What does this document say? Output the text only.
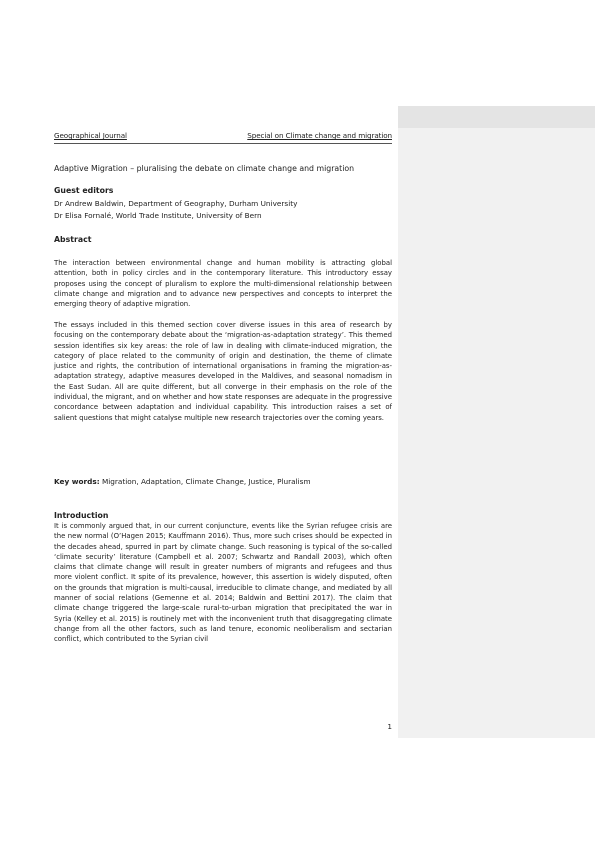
Geographical Journal	Special on Climate change and migration
Adaptive Migration – pluralising the debate on climate change and migration
Guest editors
Dr Andrew Baldwin, Department of Geography, Durham University
Dr Elisa Fornalé, World Trade Institute, University of Bern
Abstract

The interaction between environmental change and human mobility is attracting global attention, both in policy circles and in the contemporary literature. This introductory essay proposes using the concept of pluralism to explore the multi-dimensional relationship between climate change and migration and to advance new perspectives and concepts to interpret the emerging theory of adaptive migration.

The essays included in this themed section cover diverse issues in this area of research by focusing on the contemporary debate about the ‘migration-as-adaptation strategy’. This themed session identifies six key areas: the role of law in dealing with climate-induced migration, the category of place related to the community of origin and destination, the theme of climate justice and rights, the contribution of international organisations in framing the migration-as-adaptation strategy, adaptive measures developed in the Maldives, and seasonal nomadism in the East Sudan. All are quite different, but all converge in their emphasis on the role of the individual, the migrant, and on whether and how state responses are adequate in the progressive concordance between adaptation and individual capability. This introduction raises a set of salient questions that might catalyse multiple new research trajectories over the coming years.

Key words: Migration, Adaptation, Climate Change, Justice, Pluralism
Introduction

It is commonly argued that, in our current conjuncture, events like the Syrian refugee crisis are the new normal (O’Hagen 2015; Kauffmann 2016). Thus, more such crises should be expected in the decades ahead, spurred in part by climate change. Such reasoning is typical of the so-called ‘climate security’ literature (Campbell et al. 2007; Schwartz and Randall 2003), which often claims that climate change will result in greater numbers of migrants and refugees and thus more violent conflict. It spite of its prevalence, however, this assertion is widely disputed, often on the grounds that migration is multi-causal, irreducible to climate change, and mediated by all manner of social relations (Gemenne et al. 2014; Baldwin and Bettini 2017). The claim that climate change triggered the large-scale rural-to-urban migration that precipitated the war in Syria (Kelley et al. 2015) is routinely met with the inconvenient truth that disaggregating climate change from all the other factors, such as land tenure, economic neoliberalism and sectarian conflict, which contributed to the Syrian civil

1
